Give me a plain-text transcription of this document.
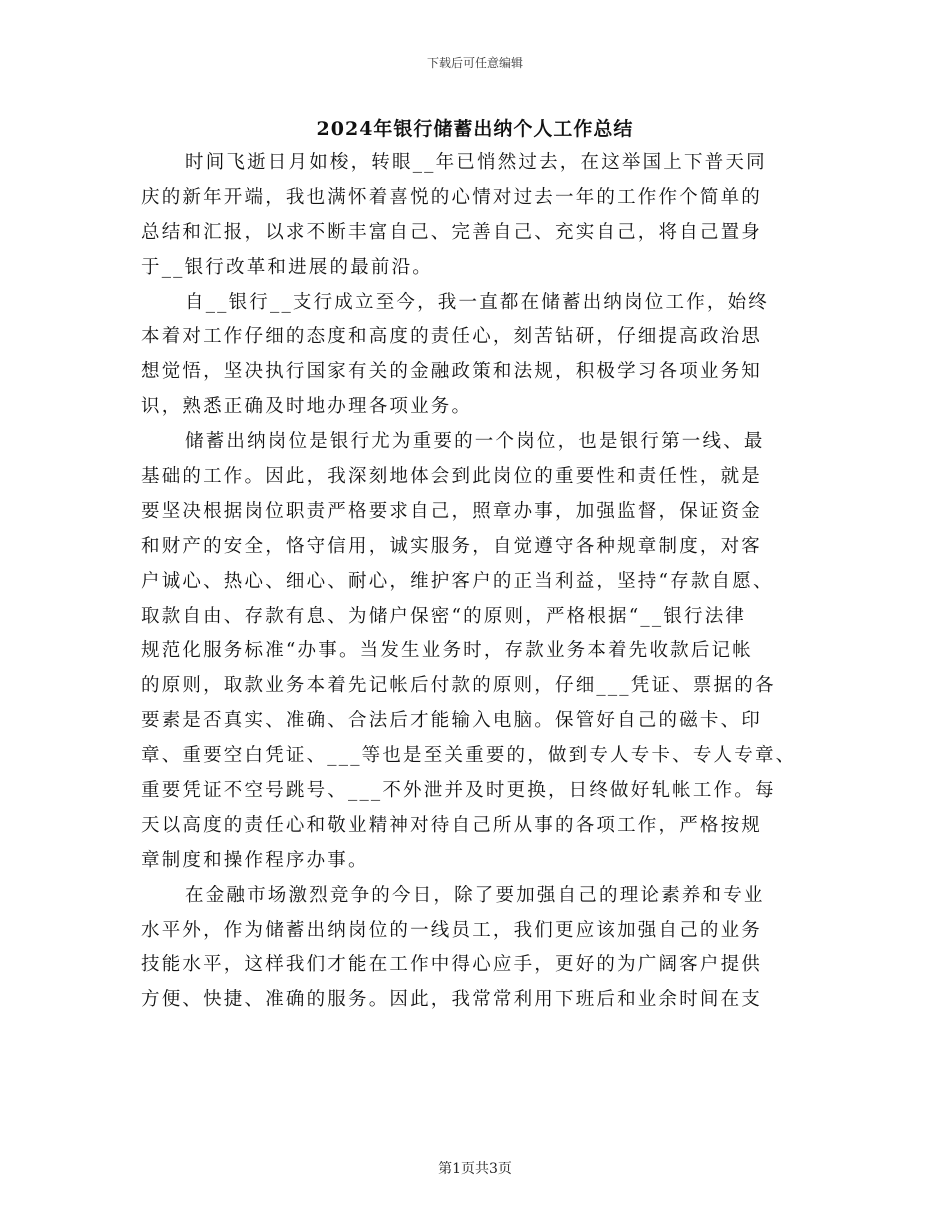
下载后可任意编辑
2024年银行储蓄出纳个人工作总结
时间飞逝日月如梭，转眼__年已悄然过去，在这举国上下普天同
庆的新年开端，我也满怀着喜悦的心情对过去一年的工作作个简单的
总结和汇报，以求不断丰富自己、完善自己、充实自己，将自己置身
于__银行改革和进展的最前沿。
自__银行__支行成立至今，我一直都在储蓄出纳岗位工作，始终
本着对工作仔细的态度和高度的责任心，刻苦钻研，仔细提高政治思
想觉悟，坚决执行国家有关的金融政策和法规，积极学习各项业务知
识，熟悉正确及时地办理各项业务。
储蓄出纳岗位是银行尤为重要的一个岗位，也是银行第一线、最
基础的工作。因此，我深刻地体会到此岗位的重要性和责任性，就是
要坚决根据岗位职责严格要求自己，照章办事，加强监督，保证资金
和财产的安全，恪守信用，诚实服务，自觉遵守各种规章制度，对客
户诚心、热心、细心、耐心，维护客户的正当利益，坚持“存款自愿、
取款自由、存款有息、为储户保密“的原则，严格根据“__银行法律
规范化服务标准“办事。当发生业务时，存款业务本着先收款后记帐
的原则，取款业务本着先记帐后付款的原则，仔细___凭证、票据的各
要素是否真实、准确、合法后才能输入电脑。保管好自己的磁卡、印
章、重要空白凭证、___等也是至关重要的，做到专人专卡、专人专章、
重要凭证不空号跳号、___不外泄并及时更换，日终做好轧帐工作。每
天以高度的责任心和敬业精神对待自己所从事的各项工作，严格按规
章制度和操作程序办事。
在金融市场激烈竞争的今日，除了要加强自己的理论素养和专业
水平外，作为储蓄出纳岗位的一线员工，我们更应该加强自己的业务
技能水平，这样我们才能在工作中得心应手，更好的为广阔客户提供
方便、快捷、准确的服务。因此，我常常利用下班后和业余时间在支
第1页共3页
